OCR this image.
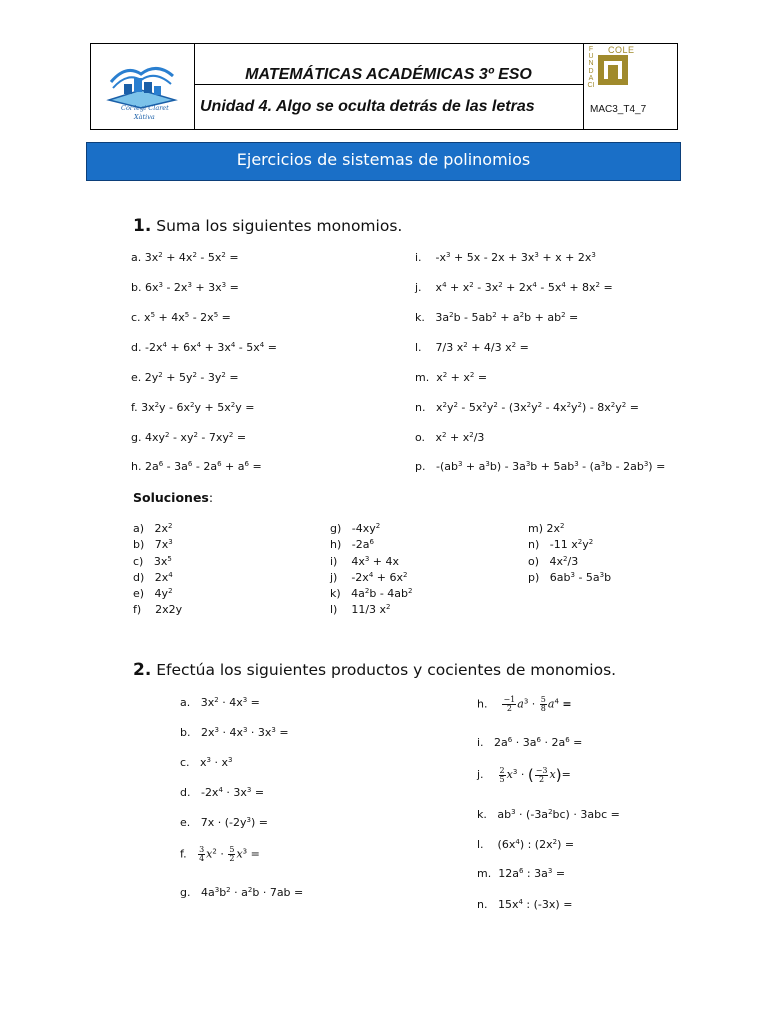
Col·legi Claret
Xàtiva
MATEMÁTICAS ACADÉMICAS 3º ESO
Unidad 4. Algo se oculta detrás de las letras
FUNDACI
COLE
MAC3_T4_7
Ejercicios de sistemas de polinomios
1. Suma los siguientes monomios.
a. $3x^2 + 4x^2 - 5x^2$ =
b. $6x^3 - 2x^3 + 3x^3$ =
c. $x^5 + 4x^5 - 2x^5$ =
d. $-2x^4 + 6x^4 + 3x^4 - 5x^4$ =
e. $2y^2 + 5y^2 - 3y^2$ =
f. $3x^2y - 6x^2y + 5x^2y$ =
g. $4xy^2 - xy^2 - 7xy^2$ =
h. $2a^6 - 3a^6 - 2a^6 + a^6$ =
i.    $-x^3 + 5x - 2x + 3x^3 + x + 2x^3$
j.    $x^4 + x^2 - 3x^2 + 2x^4 - 5x^4 + 8x^2$ =
k.   $3a^2b - 5ab^2 + a^2b + ab^2$ =
l.    7/3 $x^2 + 4/3$ $x^2$ =
m.  $x^2 + x^2$ =
n.   $x^2y^2 - 5x^2y^2 - (3x^2y^2 - 4x^2y^2) - 8x^2y^2$ =
o.   $x^2 + x^2/3$
p.   $-(ab^3 + a^3b) - 3a^3b + 5ab^3 - (a^3b - 2ab^3)$ =
Soluciones:
a)   $2x^2$
b)   $7x^3$
c)   $3x^5$
d)   $2x^4$
e)   $4y^2$
f)    2x2y
g)   $-4xy^2$
h)   $-2a^6$
i)    $4x^3 + 4x$
j)    $-2x^4 + 6x^2$
k)   $4a^2b - 4ab^2$
l)    11/3 $x^2$
m) $2x^2$
n)   -11 $x^2y^2$
o)   $4x^2/3$
p)   $6ab^3 - 5a^3b$
2. Efectúa los siguientes productos y cocientes de monomios.
a.   $3x^2 \cdot 4x^3$ =
b.   $2x^3 \cdot 4x^3 \cdot 3x^3$ =
c.   $x^3 \cdot x^3$
d.   $-2x^4 \cdot 3x^3$ =
e.   $7x \cdot (-2y^3)$ =
f. $\frac{3}{4} x^2 \cdot \frac{5}{2} x^3$ =
g.   $4a^3b^2 \cdot a^2b \cdot 7ab$ =
h. $\frac{-1}{2} a^3 \cdot \frac{5}{8} a^4$ =
i.   $2a^6 \cdot 3a^6 \cdot 2a^6$ =
j. $\frac{2}{5} x^3$ · ( $\frac{-3}{2} x)=$
k.   $ab^3 \cdot (-3a^2bc) \cdot 3abc$ =
l.    $(6x^4)$ : $(2x^2)$ =
m.  $12a^6$ : $3a^3$ =
n.   $15x^4$ : (-3x) =
